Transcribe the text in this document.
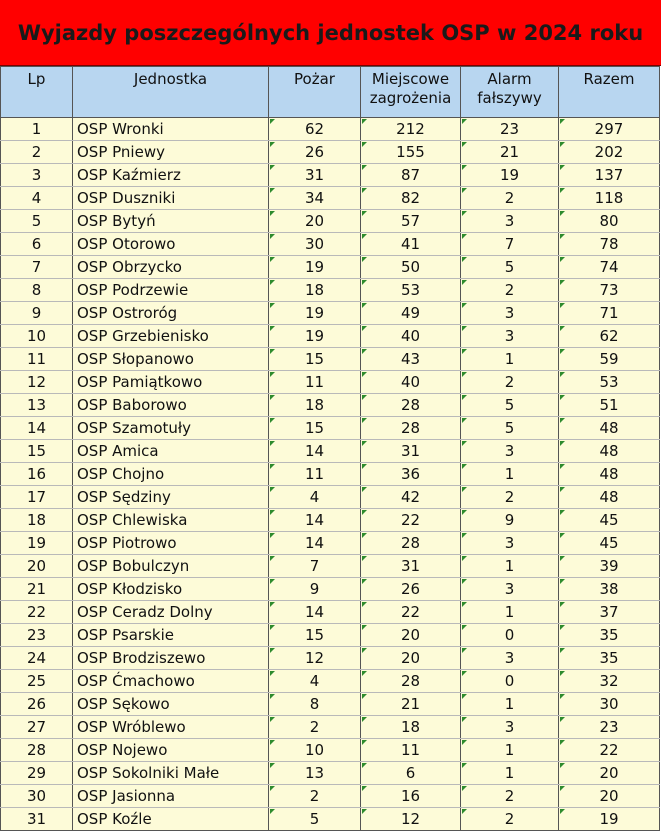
Wyjazdy poszczególnych jednostek OSP w 2024 roku
Lp	Jednostka	Pożar	Miejscowe zagrożenia	Alarm fałszywy	Razem
1	OSP Wronki	62	212	23	297
2	OSP Pniewy	26	155	21	202
3	OSP Kaźmierz	31	87	19	137
4	OSP Duszniki	34	82	2	118
5	OSP Bytyń	20	57	3	80
6	OSP Otorowo	30	41	7	78
7	OSP Obrzycko	19	50	5	74
8	OSP Podrzewie	18	53	2	73
9	OSP Ostroróg	19	49	3	71
10	OSP Grzebienisko	19	40	3	62
11	OSP Słopanowo	15	43	1	59
12	OSP Pamiątkowo	11	40	2	53
13	OSP Baborowo	18	28	5	51
14	OSP Szamotuły	15	28	5	48
15	OSP Amica	14	31	3	48
16	OSP Chojno	11	36	1	48
17	OSP Sędziny	4	42	2	48
18	OSP Chlewiska	14	22	9	45
19	OSP Piotrowo	14	28	3	45
20	OSP Bobulczyn	7	31	1	39
21	OSP Kłodzisko	9	26	3	38
22	OSP Ceradz Dolny	14	22	1	37
23	OSP Psarskie	15	20	0	35
24	OSP Brodziszewo	12	20	3	35
25	OSP Ćmachowo	4	28	0	32
26	OSP Sękowo	8	21	1	30
27	OSP Wróblewo	2	18	3	23
28	OSP Nojewo	10	11	1	22
29	OSP Sokolniki Małe	13	6	1	20
30	OSP Jasionna	2	16	2	20
31	OSP Koźle	5	12	2	19
